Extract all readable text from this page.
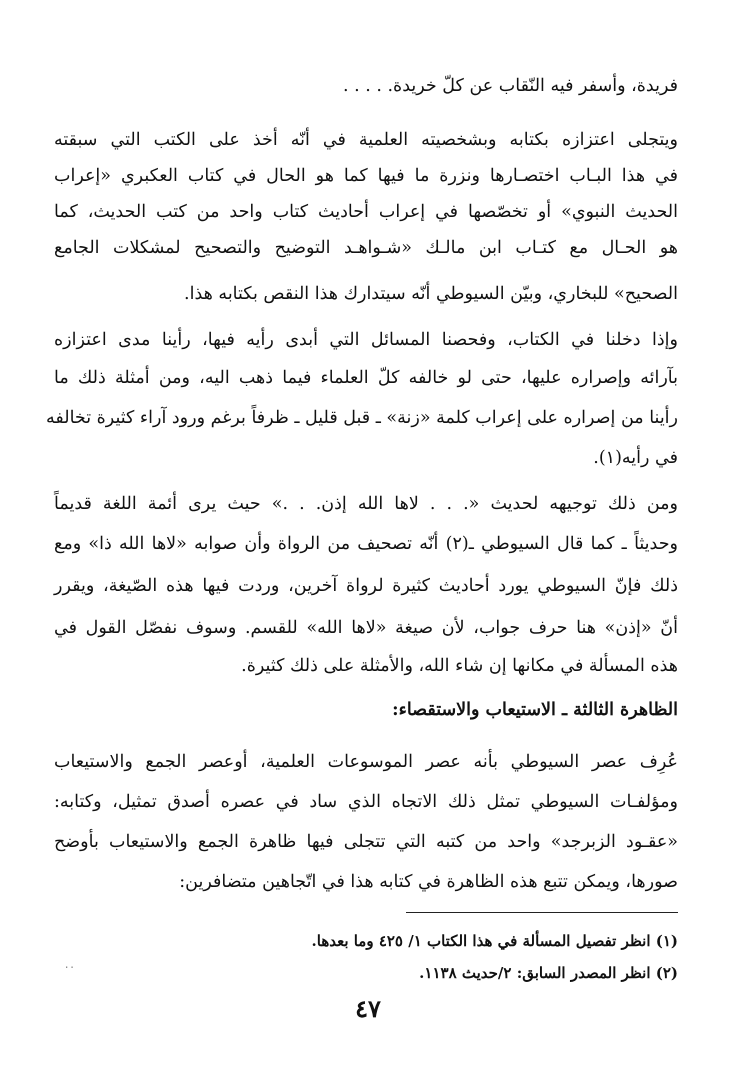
فريدة، وأسفر فيه النّقاب عن كلّ خريدة. . . . .
ويتجلى اعتزازه بكتابه وبشخصيته العلمية في أنّه أخذ على الكتب التي سبقته
في هذا البـاب اختصـارها ونزرة ما فيها كما هو الحال في كتاب العكبري «إعراب
الحديث النبوي» أو تخصّصها في إعراب أحاديث كتاب واحد من كتب الحديث، كما
هو الحـال مع كتـاب ابن مالـك «شـواهـد التوضيح والتصحيح لمشكلات الجامع
الصحيح» للبخاري، وبيّن السيوطي أنّه سيتدارك هذا النقص بكتابه هذا.
وإذا دخلنا في الكتاب، وفحصنا المسائل التي أبدى رأيه فيها، رأينا مدى اعتزازه
بآرائه وإصراره عليها، حتى لو خالفه كلّ العلماء فيما ذهب اليه، ومن أمثلة ذلك ما
رأينا من إصراره على إعراب كلمة «زنة» ـ قبل قليل ـ ظرفاً برغم ورود آراء كثيرة تخالفه
في رأيه(١).
ومن ذلك توجيهه لحديث «. . . لاها الله إذن. . .» حيث يرى أئمة اللغة قديماً
وحديثاً ـ كما قال السيوطي ـ(٢) أنّه تصحيف من الرواة وأن صوابه «لاها الله ذا» ومع
ذلك فإنّ السيوطي يورد أحاديث كثيرة لرواة آخرين، وردت فيها هذه الصّيغة، ويقرر
أنّ «إذن» هنا حرف جواب، لأن صيغة «لاها الله» للقسم. وسوف نفصّل القول في
هذه المسألة في مكانها إن شاء الله، والأمثلة على ذلك كثيرة.
الظاهرة الثالثة ـ الاستيعاب والاستقصاء:
عُرِف عصر السيوطي بأنه عصر الموسوعات العلمية، أوعصر الجمع والاستيعاب
ومؤلفـات السيوطي تمثل ذلك الاتجاه الذي ساد في عصره أصدق تمثيل، وكتابه:
«عقـود الزبرجد» واحد من كتبه التي تتجلى فيها ظاهرة الجمع والاستيعاب بأوضح
صورها، ويمكن تتبع هذه الظاهرة في كتابه هذا في اتّجاهين متضافرين:
(١) انظر تفصيل المسألة في هذا الكتاب ١/ ٤٢٥ وما بعدها.
(٢) انظر المصدر السابق: ٢/حديث ١١٣٨.
٤٧
٠٠
